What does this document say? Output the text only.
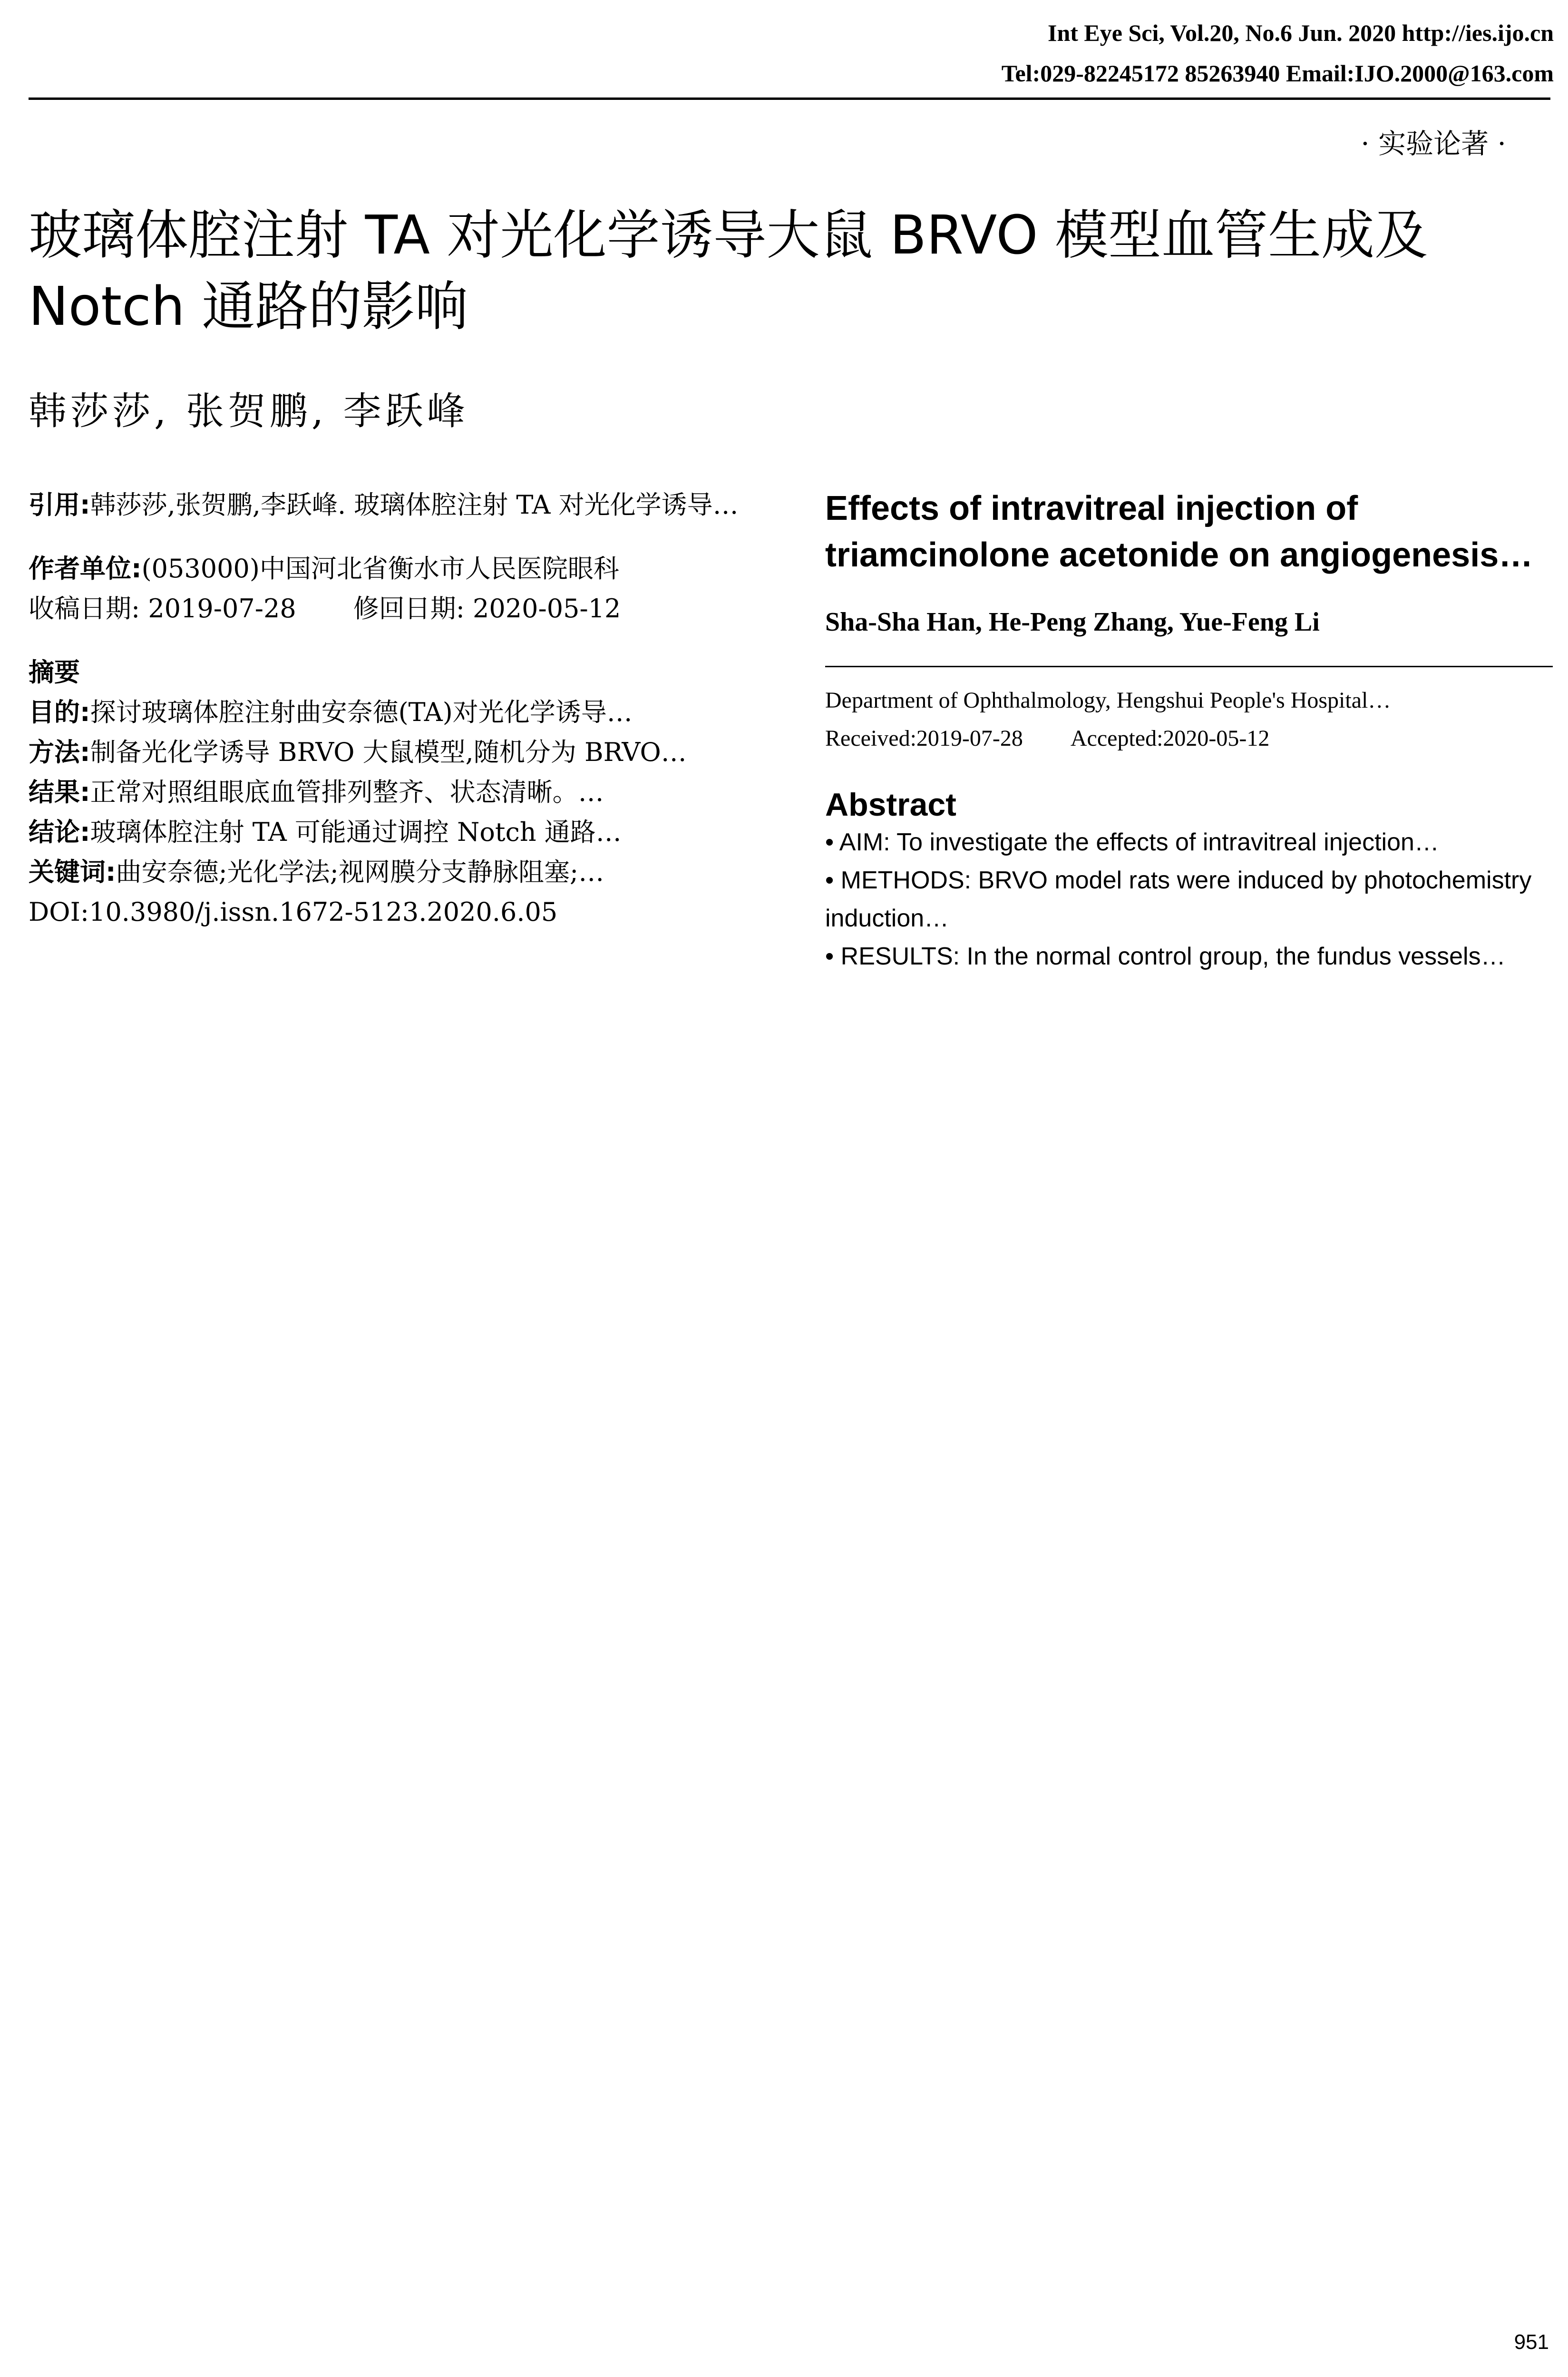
Int Eye Sci, Vol.20, No.6 Jun. 2020 http://ies.ijo.cn
Tel:029-82245172 85263940 Email:IJO.2000@163.com
· 实验论著 ·
玻璃体腔注射 TA 对光化学诱导大鼠 BRVO 模型血管生成及 Notch 通路的影响
韩莎莎, 张贺鹏, 李跃峰

引用:韩莎莎,张贺鹏,李跃峰. 玻璃体腔注射 TA 对光化学诱导…

作者单位:(053000)中国河北省衡水市人民医院眼科

收稿日期: 2019-07-28 修回日期: 2020-05-12

摘要

目的:探讨玻璃体腔注射曲安奈德(TA)对光化学诱导…

方法:制备光化学诱导 BRVO 大鼠模型,随机分为 BRVO…

结果:正常对照组眼底血管排列整齐、状态清晰。…

结论:玻璃体腔注射 TA 可能通过调控 Notch 通路…

关键词:曲安奈德;光化学法;视网膜分支静脉阻塞;…

DOI:10.3980/j.issn.1672-5123.2020.6.05

Effects of intravitreal injection of triamcinolone acetonide on angiogenesis…
Sha-Sha Han, He-Peng Zhang, Yue-Feng Li
Department of Ophthalmology, Hengshui People's Hospital…
Received:2019-07-28 Accepted:2020-05-12
Abstract

• AIM: To investigate the effects of intravitreal injection…

• METHODS: BRVO model rats were induced by photochemistry induction…

• RESULTS: In the normal control group, the fundus vessels…

951
